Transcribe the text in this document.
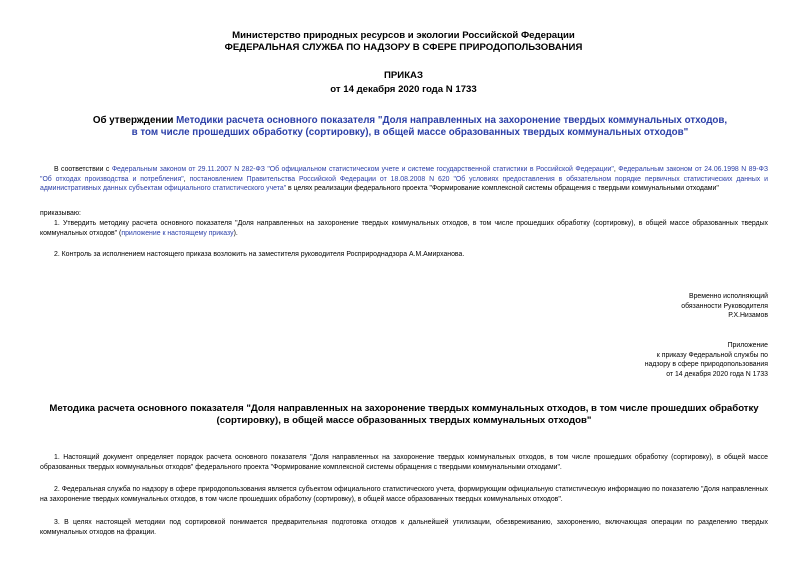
Министерство природных ресурсов и экологии Российской Федерации
ФЕДЕРАЛЬНАЯ СЛУЖБА ПО НАДЗОРУ В СФЕРЕ ПРИРОДОПОЛЬЗОВАНИЯ
ПРИКАЗ
от 14 декабря 2020 года N 1733
Об утверждении Методики расчета основного показателя "Доля направленных на захоронение твердых коммунальных отходов, в том числе прошедших обработку (сортировку), в общей массе образованных твердых коммунальных отходов"
В соответствии с Федеральным законом от 29.11.2007 N 282-ФЗ "Об официальном статистическом учете и системе государственной статистики в Российской Федерации", Федеральным законом от 24.06.1998 N 89-ФЗ "Об отходах производства и потребления", постановлением Правительства Российской Федерации от 18.08.2008 N 620 "Об условиях предоставления в обязательном порядке первичных статистических данных и административных данных субъектам официального статистического учета" в целях реализации федерального проекта "Формирование комплексной системы обращения с твердыми коммунальными отходами"
приказываю:
1. Утвердить методику расчета основного показателя "Доля направленных на захоронение твердых коммунальных отходов, в том числе прошедших обработку (сортировку), в общей массе образованных твердых коммунальных отходов" (приложение к настоящему приказу).
2. Контроль за исполнением настоящего приказа возложить на заместителя руководителя Росприроднадзора А.М.Амирханова.
Временно исполняющий
обязанности Руководителя
Р.Х.Низамов
Приложение
к приказу Федеральной службы по
надзору в сфере природопользования
от 14 декабря 2020 года N 1733
Методика расчета основного показателя "Доля направленных на захоронение твердых коммунальных отходов, в том числе прошедших обработку (сортировку), в общей массе образованных твердых коммунальных отходов"
1. Настоящий документ определяет порядок расчета основного показателя "Доля направленных на захоронение твердых коммунальных отходов, в том числе прошедших обработку (сортировку), в общей массе образованных твердых коммунальных отходов" федерального проекта "Формирование комплексной системы обращения с твердыми коммунальными отходами".
2. Федеральная служба по надзору в сфере природопользования является субъектом официального статистического учета, формирующим официальную статистическую информацию по показателю "Доля направленных на захоронение твердых коммунальных отходов, в том числе прошедших обработку (сортировку), в общей массе образованных твердых коммунальных отходов".
3. В целях настоящей методики под сортировкой понимается предварительная подготовка отходов к дальнейшей утилизации, обезвреживанию, захоронению, включающая операции по разделению твердых коммунальных отходов на фракции.
